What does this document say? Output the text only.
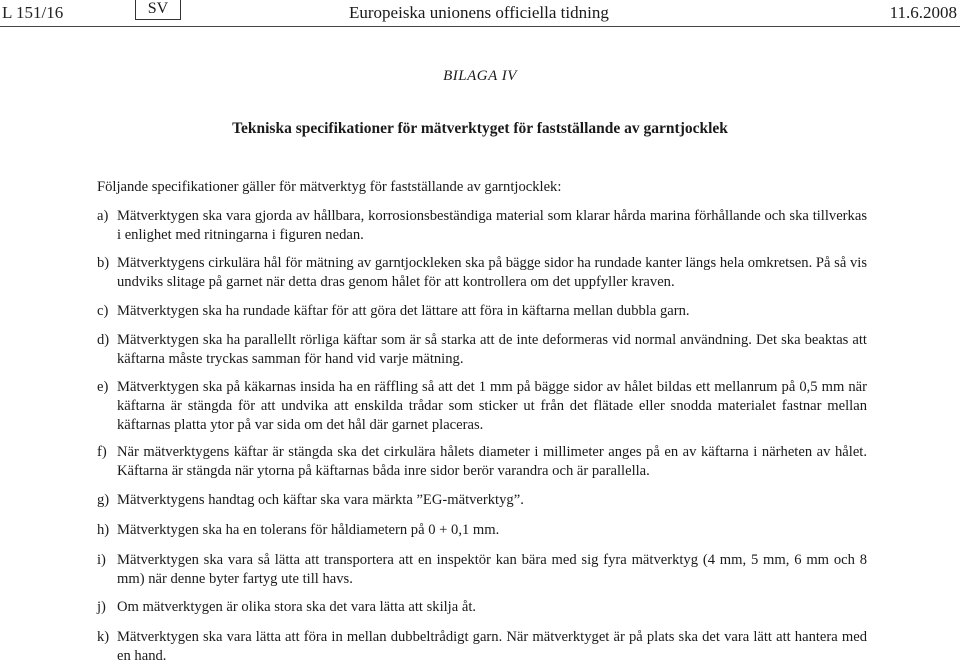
L 151/16	SV	Europeiska unionens officiella tidning	11.6.2008
BILAGA IV
Tekniska specifikationer för mätverktyget för fastställande av garntjocklek
Följande specifikationer gäller för mätverktyg för fastställande av garntjocklek:
a) Mätverktygen ska vara gjorda av hållbara, korrosionsbeständiga material som klarar hårda marina förhållande och ska tillverkas i enlighet med ritningarna i figuren nedan.
b) Mätverktygens cirkulära hål för mätning av garntjockleken ska på bägge sidor ha rundade kanter längs hela omkretsen. På så vis undviks slitage på garnet när detta dras genom hålet för att kontrollera om det uppfyller kraven.
c) Mätverktygen ska ha rundade käftar för att göra det lättare att föra in käftarna mellan dubbla garn.
d) Mätverktygen ska ha parallellt rörliga käftar som är så starka att de inte deformeras vid normal användning. Det ska beaktas att käftarna måste tryckas samman för hand vid varje mätning.
e) Mätverktygen ska på käkarnas insida ha en räffling så att det 1 mm på bägge sidor av hålet bildas ett mellanrum på 0,5 mm när käftarna är stängda för att undvika att enskilda trådar som sticker ut från det flätade eller snodda materialet fastnar mellan käftarnas platta ytor på var sida om det hål där garnet placeras.
f) När mätverktygens käftar är stängda ska det cirkulära hålets diameter i millimeter anges på en av käftarna i närheten av hålet. Käftarna är stängda när ytorna på käftarnas båda inre sidor berör varandra och är parallella.
g) Mätverktygens handtag och käftar ska vara märkta ”EG-mätverktyg”.
h) Mätverktygen ska ha en tolerans för håldiametern på 0 + 0,1 mm.
i) Mätverktygen ska vara så lätta att transportera att en inspektör kan bära med sig fyra mätverktyg (4 mm, 5 mm, 6 mm och 8 mm) när denne byter fartyg ute till havs.
j) Om mätverktygen är olika stora ska det vara lätta att skilja åt.
k) Mätverktygen ska vara lätta att föra in mellan dubbeltrådigt garn. När mätverktyget är på plats ska det vara lätt att hantera med en hand.
